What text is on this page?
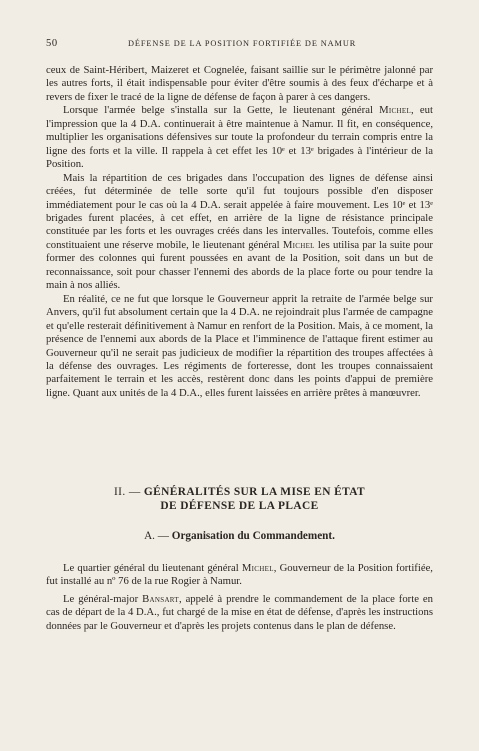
50	DÉFENSE DE LA POSITION FORTIFIÉE DE NAMUR

ceux de Saint-Héribert, Maizeret et Cognelée, faisant saillie sur le périmètre jalonné par les autres forts, il était indispensable pour éviter d'être soumis à des feux d'écharpe et à revers de fixer le tracé de la ligne de défense de façon à parer à ces dangers.

Lorsque l'armée belge s'installa sur la Gette, le lieutenant général Michel, eut l'impression que la 4 D.A. continuerait à être maintenue à Namur. Il fit, en conséquence, multiplier les organisations défensives sur toute la profondeur du terrain compris entre la ligne des forts et la ville. Il rappela à cet effet les 10ᵉ et 13ᵉ brigades à l'intérieur de la Position.

Mais la répartition de ces brigades dans l'occupation des lignes de défense ainsi créées, fut déterminée de telle sorte qu'il fut toujours possible d'en disposer immédiatement pour le cas où la 4 D.A. serait appelée à faire mouvement. Les 10ᵉ et 13ᵉ brigades furent placées, à cet effet, en arrière de la ligne de résistance principale constituée par les forts et les ouvrages créés dans les intervalles. Toutefois, comme elles constituaient une réserve mobile, le lieutenant général Michel les utilisa par la suite pour former des colonnes qui furent poussées en avant de la Position, soit dans un but de reconnaissance, soit pour chasser l'ennemi des abords de la place forte ou pour tendre la main à nos alliés.

En réalité, ce ne fut que lorsque le Gouverneur apprit la retraite de l'armée belge sur Anvers, qu'il fut absolument certain que la 4 D.A. ne rejoindrait plus l'armée de campagne et qu'elle resterait définitivement à Namur en renfort de la Position. Mais, à ce moment, la présence de l'ennemi aux abords de la Place et l'imminence de l'attaque firent estimer au Gouverneur qu'il ne serait pas judicieux de modifier la répartition des troupes affectées à la défense des ouvrages. Les régiments de forteresse, dont les troupes connaissaient parfaitement le terrain et les accès, restèrent donc dans les points d'appui de première ligne. Quant aux unités de la 4 D.A., elles furent laissées en arrière prêtes à manœuvrer.

II. — GÉNÉRALITÉS SUR LA MISE EN ÉTAT
DE DÉFENSE DE LA PLACE
A. — Organisation du Commandement.

Le quartier général du lieutenant général Michel, Gouverneur de la Position fortifiée, fut installé au nº 76 de la rue Rogier à Namur.

Le général-major Bansart, appelé à prendre le commandement de la place forte en cas de départ de la 4 D.A., fut chargé de la mise en état de défense, d'après les instructions données par le Gouverneur et d'après les projets contenus dans le plan de défense.
